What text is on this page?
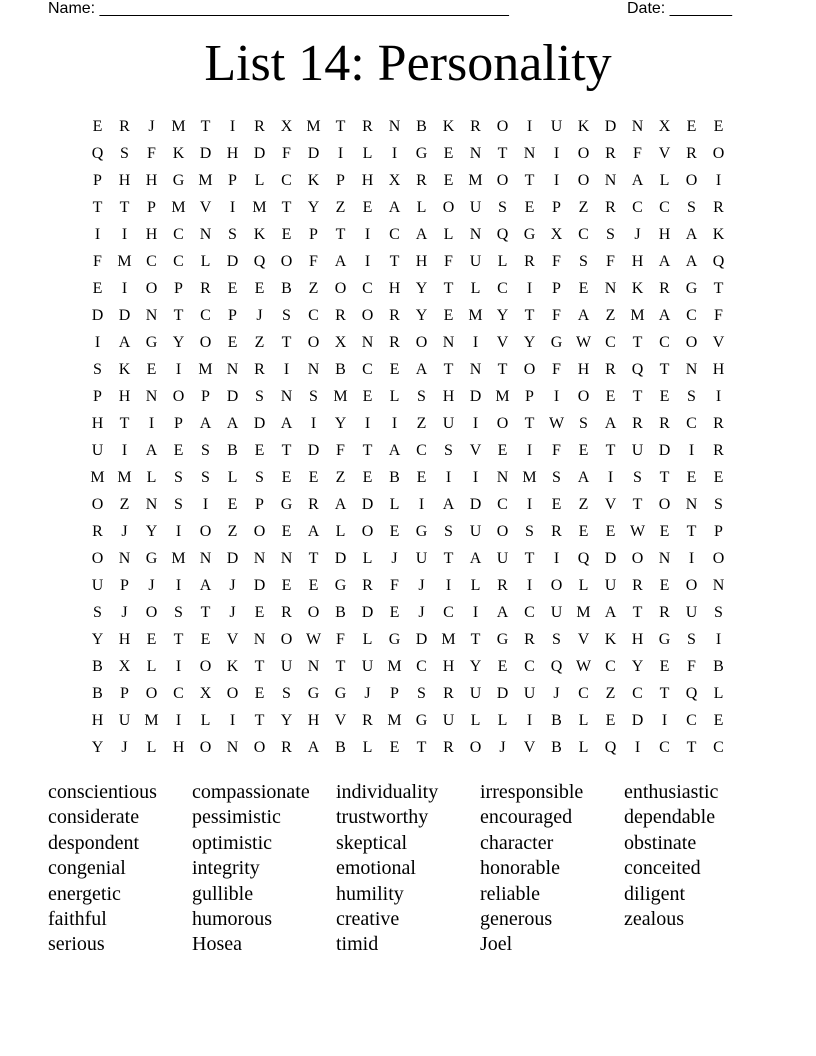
Name: ______________________________________________	Date: _______
List 14: Personality
E	R	J	M T	I	R X M T	R N B K R O	I	U K D N X	E	E
Q	S	F	K D H D	F	D	I	L	I	G	E	N	T	N	I	O R	F	V R O
P	H H G M P	L	C K	P	H X R	E M O	T	I	O N A	L	O	I
T	T	P M V	I	M T	Y	Z	E	A	L	O U	S	E	P	Z	R	C	C	S	R
I	I	H C N	S	K	E	P	T	I	C A	L	N Q G X C	S	J	H A K
F M C	C	L	D Q O	F	A	I	T	H	F	U	L	R	F	S	F	H A A Q
E	I	O	P	R	E	E	B	Z	O C H Y	T	L	C	I	P	E	N K R G	T
D D N	T	C	P	J	S	C	R O R Y	E M Y	T	F	A	Z M A C	F
I	A G Y O	E	Z	T	O X N R O N	I	V Y G W C	T	C O V
S	K	E	I	M N R	I	N B	C	E	A	T	N	T	O	F	H R Q	T	N H
P	H N O	P	D	S	N	S M E	L	S	H D M P	I	O	E	T	E	S	I
H	T	I	P	A A D A	I	Y	I	I	Z	U	I	O	T W S	A R	R	C	R
U	I	A	E	S	B	E	T	D	F	T	A C	S	V	E	I	F	E	T	U D	I	R
M M L	S	S	L	S	E	E	Z	E	B	E	I	I	N M S	A	I	S	T	E	E
O	Z	N	S	I	E	P	G R A D	L	I	A D C	I	E	Z	V	T	O N	S
R	J	Y	I	O	Z	O	E	A	L	O	E	G	S	U O	S	R	E	E W E	T	P
O N G M N D N N	T	D	L	J	U	T	A U	T	I	Q D O N	I	O
U	P	J	I	A	J	D	E	E	G R	F	J	I	L	R	I	O	L	U R	E	O N
S	J	O	S	T	J	E	R O B D	E	J	C	I	A C U M A	T	R U	S
Y H	E	T	E	V N O W F	L	G D M T	G R	S	V K H G	S	I
B X	L	I	O K	T	U N	T	U M C H Y	E	C Q W C Y	E	F	B
B	P	O C X O	E	S	G G	J	P	S	R U D U	J	C	Z	C	T	Q	L
H U M	I	L	I	T	Y H V R M G U	L	L	I	B	L	E	D	I	C	E
Y	J	L	H O N O R A B	L	E	T	R O	J	V B	L	Q	I	C	T	C
conscientious
considerate
despondent
congenial
energetic
faithful
serious
compassionate
pessimistic
optimistic
integrity
gullible
humorous
Hosea
individuality
trustworthy
skeptical
emotional
humility
creative
timid
irresponsible
encouraged
character
honorable
reliable
generous
Joel
enthusiastic
dependable
obstinate
conceited
diligent
zealous
